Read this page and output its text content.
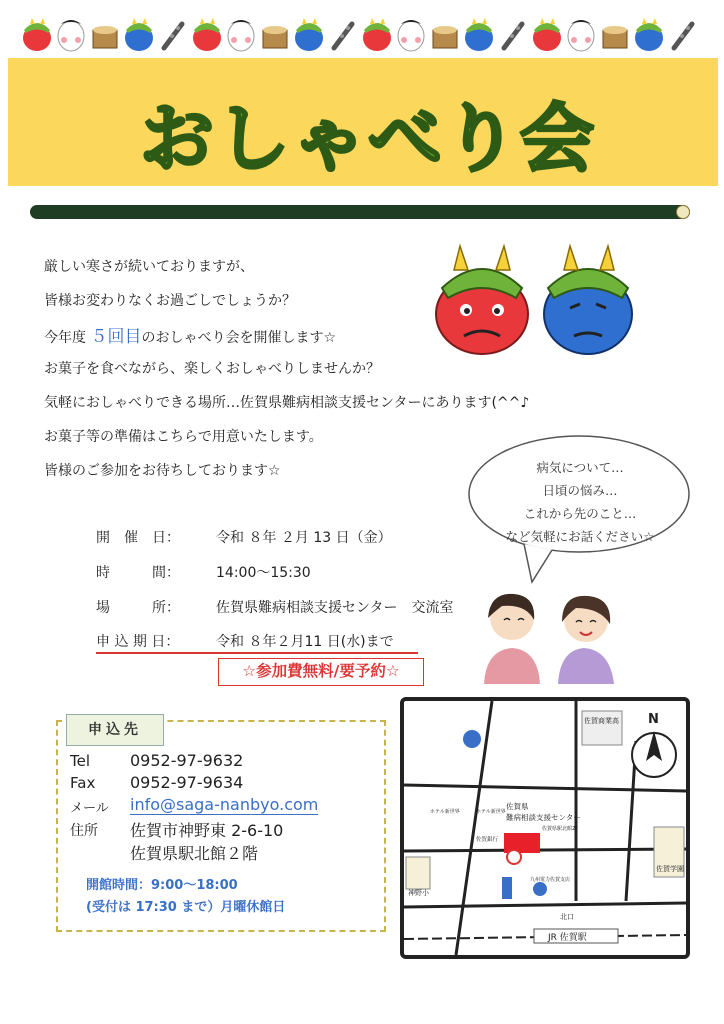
おしゃべり会
厳しい寒さが続いておりますが、
皆様お変わりなくお過ごしでしょうか？
今年度 ５回目のおしゃべり会を開催します☆
お菓子を食べながら、楽しくおしゃべりしませんか？
気軽におしゃべりできる場所…佐賀県難病相談支援センターにあります(^^♪
お菓子等の準備はこちらで用意いたします。
皆様のご参加をお待ちしております☆	病気について…
日頃の悩み…
これから先のこと…
など気軽にお話ください☆
開　催　日：	令和 ８年 ２月 13 日（金）
時　　　間：	14:00～15:30
場　　　所：	佐賀県難病相談支援センター　交流室
申 込 期 日：	令和 ８年２月11 日(水)まで
☆参加費無料/要予約☆
申込先
Tel 0952-97-9632
Fax 0952-97-9634
メール info@saga-nanbyo.com
住所 佐賀市神野東 2-6-10
佐賀県駅北館２階
開館時間：9:00～18:00
(受付は 17:30 まで）月曜休館日
N
佐賀商業高
佐賀学園
神野小
佐賀県
難病相談支援センター
佐賀県駅北館2F
JR 佐賀駅
北口
佐賀銀行
ホテル新世界	ホテル新世界
九州電力佐賀支店
